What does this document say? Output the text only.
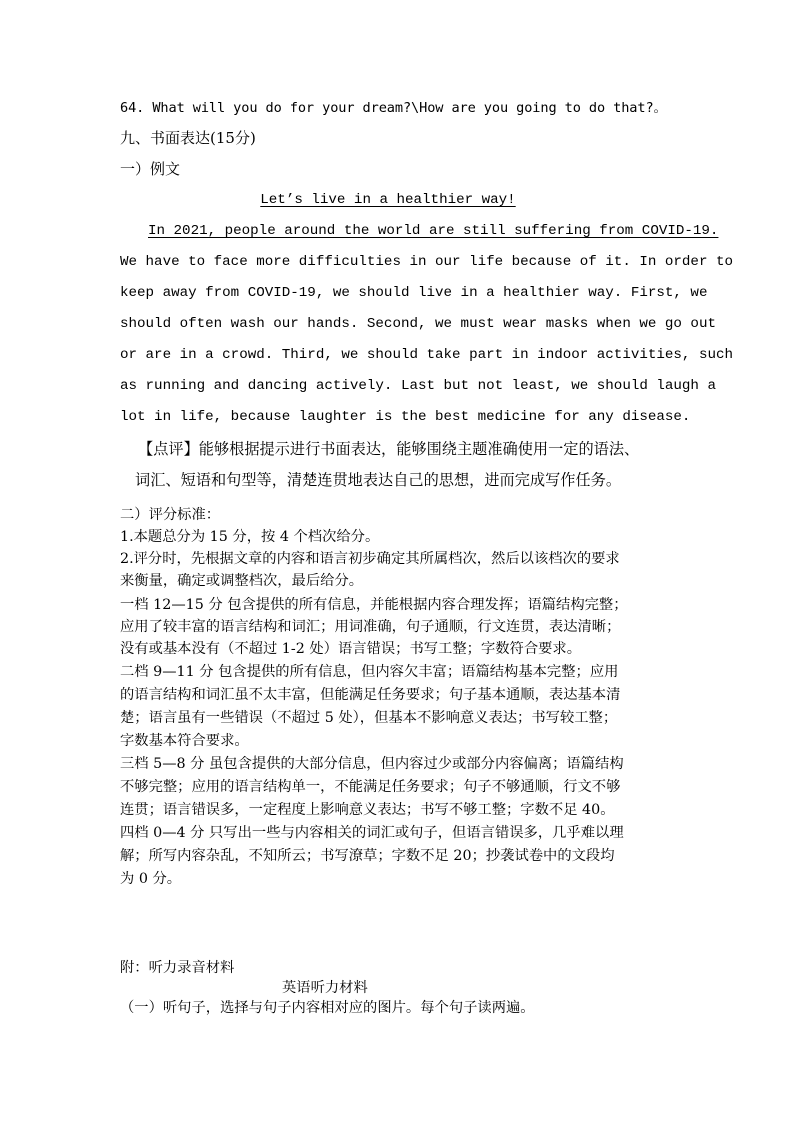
64. What will you do for your dream?\How are you going to do that?。
九、书面表达(15分)
一）例文
Let’s live in a healthier way!
In 2021, people around the world are still suffering from COVID-19.
We have to face more difficulties in our life because of it. In order to
keep away from COVID-19, we should live in a healthier way. First, we
should often wash our hands. Second, we must wear masks when we go out
or are in a crowd. Third, we should take part in indoor activities, such
as running and dancing actively. Last but not least, we should laugh a
lot in life, because laughter is the best medicine for any disease.
【点评】能够根据提示进行书面表达，能够围绕主题准确使用一定的语法、
词汇、短语和句型等，清楚连贯地表达自己的思想，进而完成写作任务。
二）评分标准：
1.本题总分为 15 分，按 4 个档次给分。
2.评分时，先根据文章的内容和语言初步确定其所属档次，然后以该档次的要求
来衡量，确定或调整档次，最后给分。
一档 12—15 分 包含提供的所有信息，并能根据内容合理发挥；语篇结构完整；
应用了较丰富的语言结构和词汇；用词准确，句子通顺，行文连贯，表达清晰；
没有或基本没有（不超过 1-2 处）语言错误；书写工整；字数符合要求。
二档 9—11 分 包含提供的所有信息，但内容欠丰富；语篇结构基本完整；应用
的语言结构和词汇虽不太丰富，但能满足任务要求；句子基本通顺，表达基本清
楚；语言虽有一些错误（不超过 5 处），但基本不影响意义表达；书写较工整；
字数基本符合要求。
三档 5—8 分 虽包含提供的大部分信息，但内容过少或部分内容偏离；语篇结构
不够完整；应用的语言结构单一，不能满足任务要求；句子不够通顺，行文不够
连贯；语言错误多，一定程度上影响意义表达；书写不够工整；字数不足 40。
四档 0—4 分 只写出一些与内容相关的词汇或句子，但语言错误多，几乎难以理
解；所写内容杂乱，不知所云；书写潦草；字数不足 20；抄袭试卷中的文段均
为 0 分。
附：听力录音材料
英语听力材料
（一）听句子，选择与句子内容相对应的图片。每个句子读两遍。
